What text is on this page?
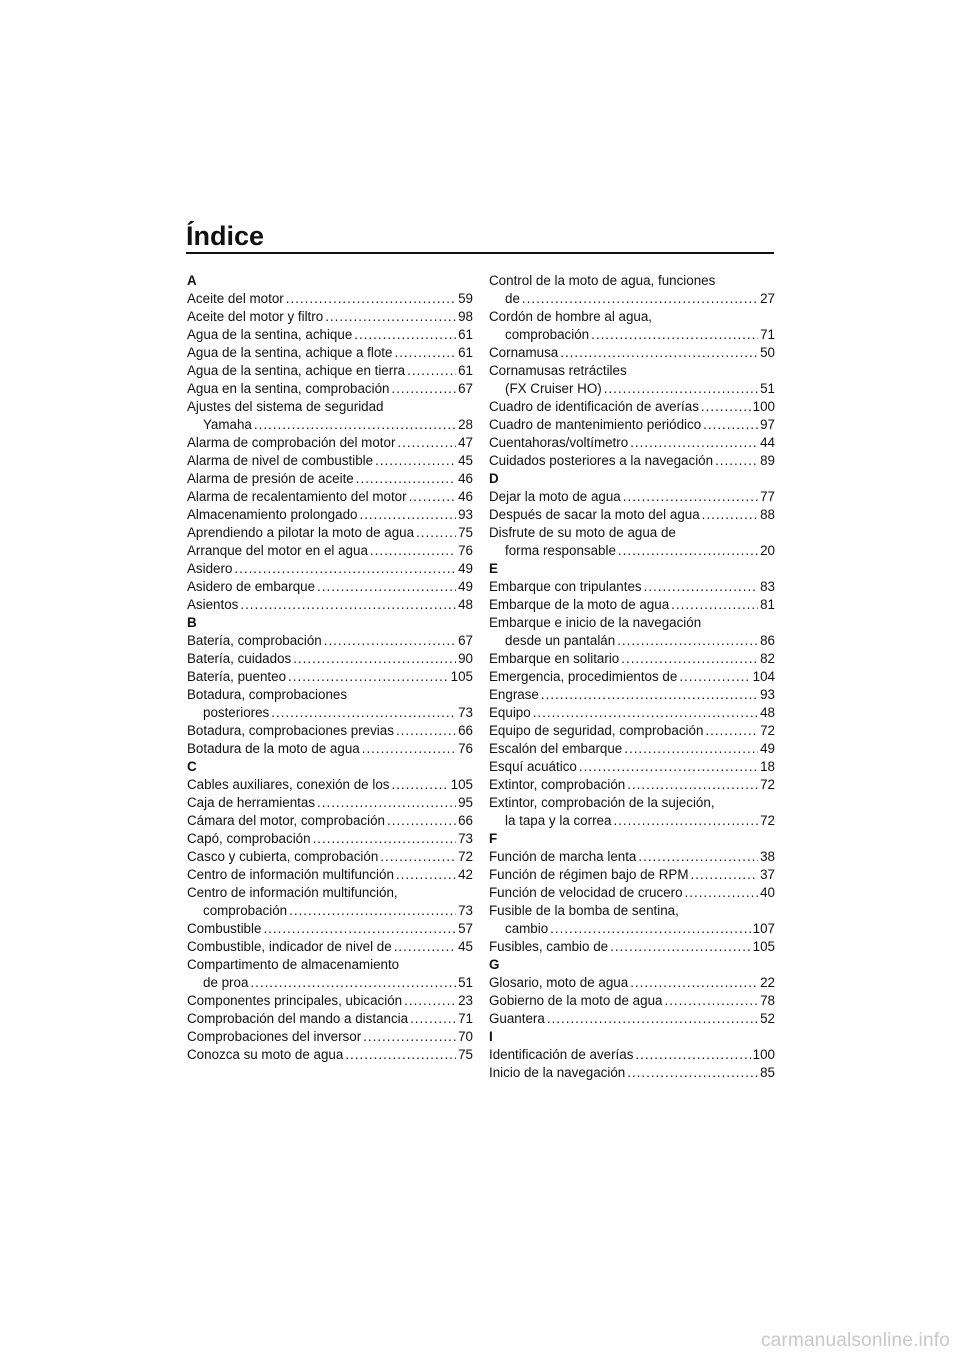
Índice
A
Aceite del motor .....	59
Aceite del motor y filtro .....	98
Agua de la sentina, achique .....	61
Agua de la sentina, achique a flote .....	61
Agua de la sentina, achique en tierra .....	61
Agua en la sentina, comprobación .....	67
Ajustes del sistema de seguridad
Yamaha .....	28
Alarma de comprobación del motor .....	47
Alarma de nivel de combustible .....	45
Alarma de presión de aceite .....	46
Alarma de recalentamiento del motor .....	46
Almacenamiento prolongado .....	93
Aprendiendo a pilotar la moto de agua .....	75
Arranque del motor en el agua .....	76
Asidero .....	49
Asidero de embarque .....	49
Asientos .....	48
B
Batería, comprobación .....	67
Batería, cuidados .....	90
Batería, puenteo .....	105
Botadura, comprobaciones
posteriores .....	73
Botadura, comprobaciones previas .....	66
Botadura de la moto de agua .....	76
C
Cables auxiliares, conexión de los .....	105
Caja de herramientas .....	95
Cámara del motor, comprobación .....	66
Capó, comprobación .....	73
Casco y cubierta, comprobación .....	72
Centro de información multifunción .....	42
Centro de información multifunción,
comprobación .....	73
Combustible .....	57
Combustible, indicador de nivel de .....	45
Compartimento de almacenamiento
de proa .....	51
Componentes principales, ubicación .....	23
Comprobación del mando a distancia .....	71
Comprobaciones del inversor .....	70
Conozca su moto de agua .....	75
Control de la moto de agua, funciones
de .....	27
Cordón de hombre al agua,
comprobación .....	71
Cornamusa .....	50
Cornamusas retráctiles
(FX Cruiser HO) .....	51
Cuadro de identificación de averías .....	100
Cuadro de mantenimiento periódico .....	97
Cuentahoras/voltímetro .....	44
Cuidados posteriores a la navegación .....	89
D
Dejar la moto de agua .....	77
Después de sacar la moto del agua .....	88
Disfrute de su moto de agua de
forma responsable .....	20
E
Embarque con tripulantes .....	83
Embarque de la moto de agua .....	81
Embarque e inicio de la navegación
desde un pantalán .....	86
Embarque en solitario .....	82
Emergencia, procedimientos de .....	104
Engrase .....	93
Equipo .....	48
Equipo de seguridad, comprobación .....	72
Escalón del embarque .....	49
Esquí acuático .....	18
Extintor, comprobación .....	72
Extintor, comprobación de la sujeción,
la tapa y la correa .....	72
F
Función de marcha lenta .....	38
Función de régimen bajo de RPM .....	37
Función de velocidad de crucero .....	40
Fusible de la bomba de sentina,
cambio .....	107
Fusibles, cambio de .....	105
G
Glosario, moto de agua .....	22
Gobierno de la moto de agua .....	78
Guantera .....	52
I
Identificación de averías .....	100
Inicio de la navegación .....	85
carmanualsonline.info
